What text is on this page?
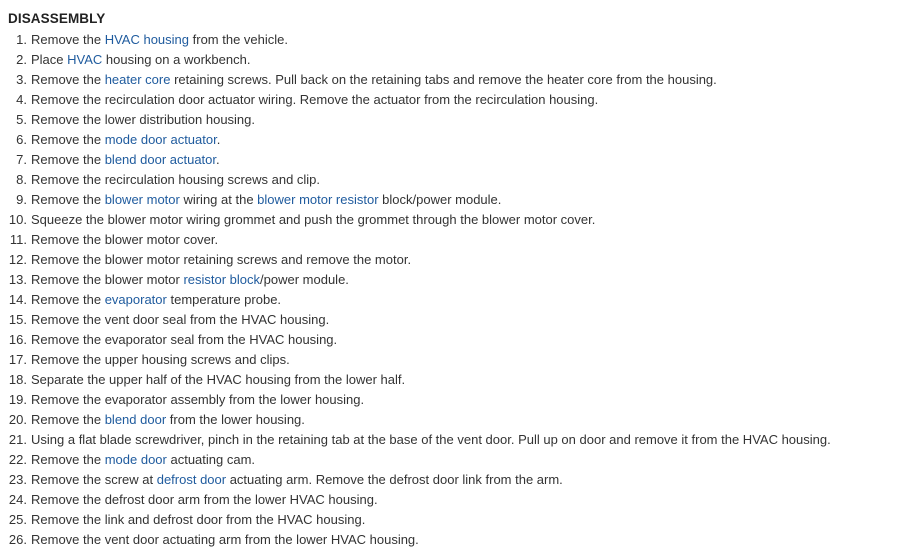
DISASSEMBLY
1. Remove the HVAC housing from the vehicle.
2. Place HVAC housing on a workbench.
3. Remove the heater core retaining screws. Pull back on the retaining tabs and remove the heater core from the housing.
4. Remove the recirculation door actuator wiring. Remove the actuator from the recirculation housing.
5. Remove the lower distribution housing.
6. Remove the mode door actuator.
7. Remove the blend door actuator.
8. Remove the recirculation housing screws and clip.
9. Remove the blower motor wiring at the blower motor resistor block/power module.
10. Squeeze the blower motor wiring grommet and push the grommet through the blower motor cover.
11. Remove the blower motor cover.
12. Remove the blower motor retaining screws and remove the motor.
13. Remove the blower motor resistor block/power module.
14. Remove the evaporator temperature probe.
15. Remove the vent door seal from the HVAC housing.
16. Remove the evaporator seal from the HVAC housing.
17. Remove the upper housing screws and clips.
18. Separate the upper half of the HVAC housing from the lower half.
19. Remove the evaporator assembly from the lower housing.
20. Remove the blend door from the lower housing.
21. Using a flat blade screwdriver, pinch in the retaining tab at the base of the vent door. Pull up on door and remove it from the HVAC housing.
22. Remove the mode door actuating cam.
23. Remove the screw at defrost door actuating arm. Remove the defrost door link from the arm.
24. Remove the defrost door arm from the lower HVAC housing.
25. Remove the link and defrost door from the HVAC housing.
26. Remove the vent door actuating arm from the lower HVAC housing.
